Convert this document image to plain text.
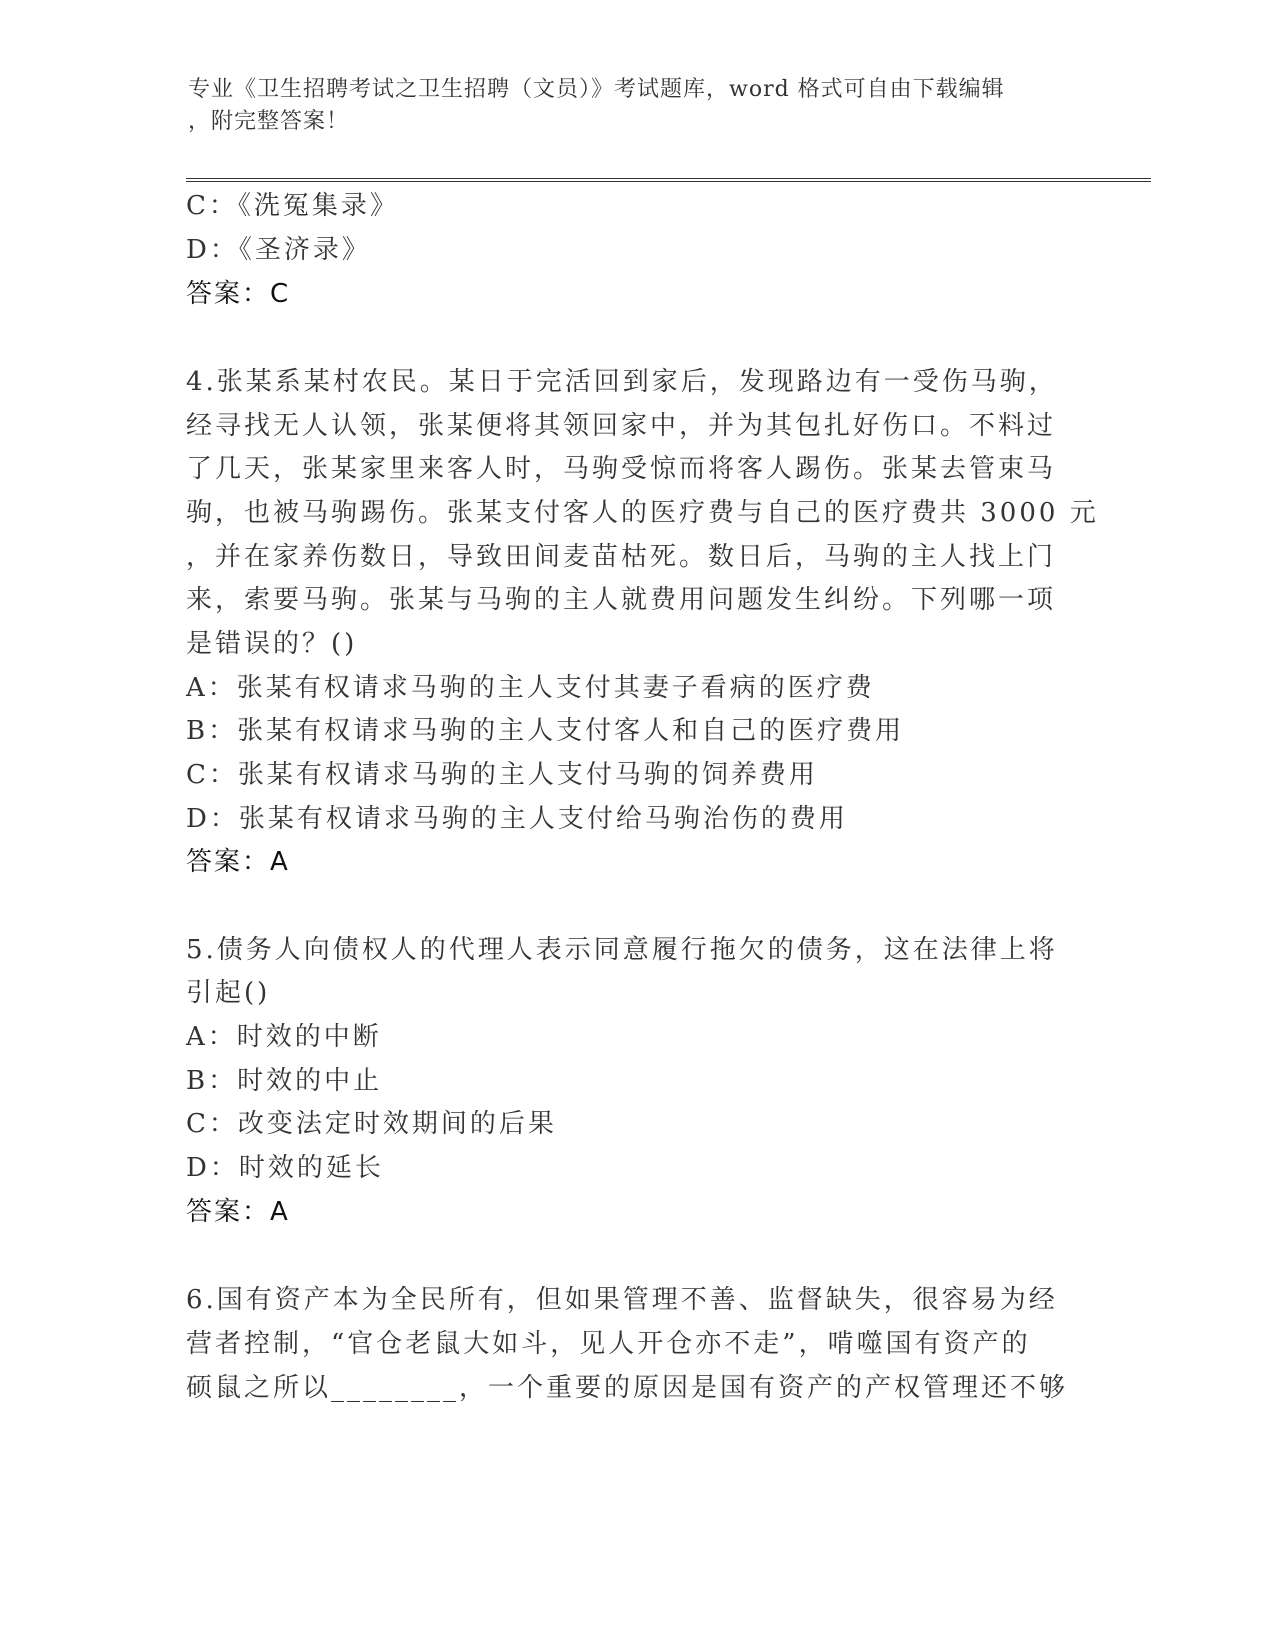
专业《卫生招聘考试之卫生招聘（文员）》考试题库，word 格式可自由下载编辑
，附完整答案！
C：《洗冤集录》
D：《圣济录》
答案：C
4.张某系某村农民。某日于完活回到家后，发现路边有一受伤马驹，
经寻找无人认领，张某便将其领回家中，并为其包扎好伤口。不料过
了几天，张某家里来客人时，马驹受惊而将客人踢伤。张某去管束马
驹，也被马驹踢伤。张某支付客人的医疗费与自己的医疗费共 3000 元
，并在家养伤数日，导致田间麦苗枯死。数日后，马驹的主人找上门
来，索要马驹。张某与马驹的主人就费用问题发生纠纷。下列哪一项
是错误的？()
A：张某有权请求马驹的主人支付其妻子看病的医疗费
B：张某有权请求马驹的主人支付客人和自己的医疗费用
C：张某有权请求马驹的主人支付马驹的饲养费用
D：张某有权请求马驹的主人支付给马驹治伤的费用
答案：A
5.债务人向债权人的代理人表示同意履行拖欠的债务，这在法律上将
引起()
A：时效的中断
B：时效的中止
C：改变法定时效期间的后果
D：时效的延长
答案：A
6.国有资产本为全民所有，但如果管理不善、监督缺失，很容易为经
营者控制，“官仓老鼠大如斗，见人开仓亦不走”，啃噬国有资产的
硕鼠之所以________，一个重要的原因是国有资产的产权管理还不够
